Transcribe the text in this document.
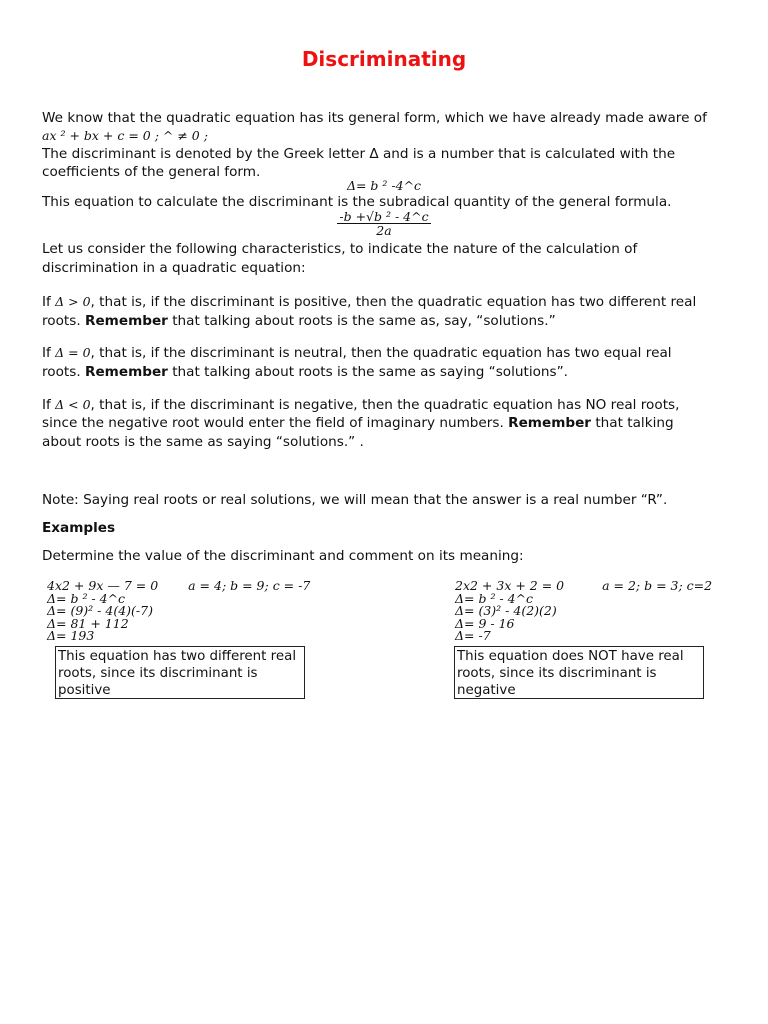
Discriminating
We know that the quadratic equation has its general form, which we have already made aware of
ax ² + bx + c = 0 ; ^ ≠ 0 ;
The discriminant is denoted by the Greek letter Δ and is a number that is calculated with the
coefficients of the general form.
Δ= b ² -4^c
This equation to calculate the discriminant is the subradical quantity of the general formula.
$\frac{\text{-b +√b ² - 4\textasciicircum{}c}}{2a}$
Let us consider the following characteristics, to indicate the nature of the calculation of
discrimination in a quadratic equation:
If Δ > 0, that is, if the discriminant is positive, then the quadratic equation has two different real
roots. Remember that talking about roots is the same as, say, “solutions.”
If Δ = 0, that is, if the discriminant is neutral, then the quadratic equation has two equal real
roots. Remember that talking about roots is the same as saying “solutions”.
If Δ < 0, that is, if the discriminant is negative, then the quadratic equation has NO real roots,
since the negative root would enter the field of imaginary numbers. Remember that talking
about roots is the same as saying “solutions.” .
Note: Saying real roots or real solutions, we will mean that the answer is a real number “R”.
Examples
Determine the value of the discriminant and comment on its meaning:
4x2 + 9x — 7 = 0 a = 4; b = 9; c = -7
Δ= b ² - 4^c
Δ= (9)² - 4(4)(-7)
Δ= 81 + 112
Δ= 193
This equation has two different real roots, since its discriminant is positive
2x2 + 3x + 2 = 0	a = 2; b = 3; c=2
Δ= b ² - 4^c
Δ= (3)² - 4(2)(2)
Δ= 9 - 16
Δ= -7
This equation does NOT have real roots, since its discriminant is negative
